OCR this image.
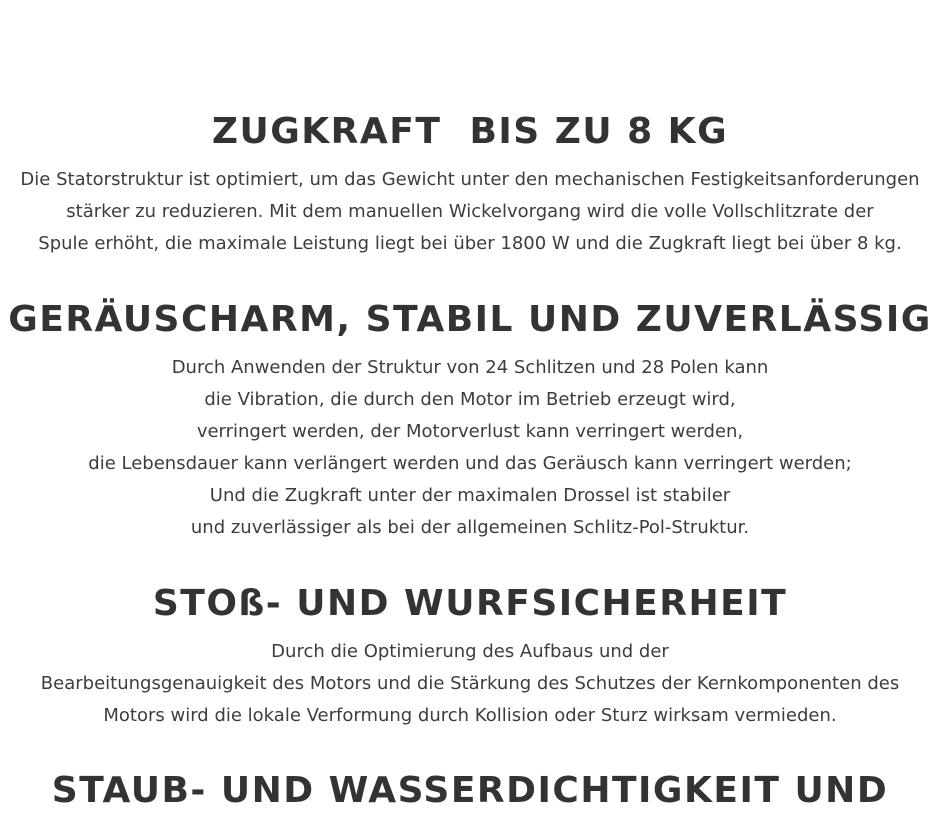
ZUGKRAFT  BIS ZU 8 KG

Die Statorstruktur ist optimiert, um das Gewicht unter den mechanischen Festigkeitsanforderungen
stärker zu reduzieren. Mit dem manuellen Wickelvorgang wird die volle Vollschlitzrate der
Spule erhöht, die maximale Leistung liegt bei über 1800 W und die Zugkraft liegt bei über 8 kg.

GERÄUSCHARM, STABIL UND ZUVERLÄSSIG

Durch Anwenden der Struktur von 24 Schlitzen und 28 Polen kann
die Vibration, die durch den Motor im Betrieb erzeugt wird,
verringert werden, der Motorverlust kann verringert werden,
die Lebensdauer kann verlängert werden und das Geräusch kann verringert werden;
Und die Zugkraft unter der maximalen Drossel ist stabiler
und zuverlässiger als bei der allgemeinen Schlitz-Pol-Struktur.

STOß- UND WURFSICHERHEIT

Durch die Optimierung des Aufbaus und der
Bearbeitungsgenauigkeit des Motors und die Stärkung des Schutzes der Kernkomponenten des
Motors wird die lokale Verformung durch Kollision oder Sturz wirksam vermieden.

STAUB- UND WASSERDICHTIGKEIT UND
